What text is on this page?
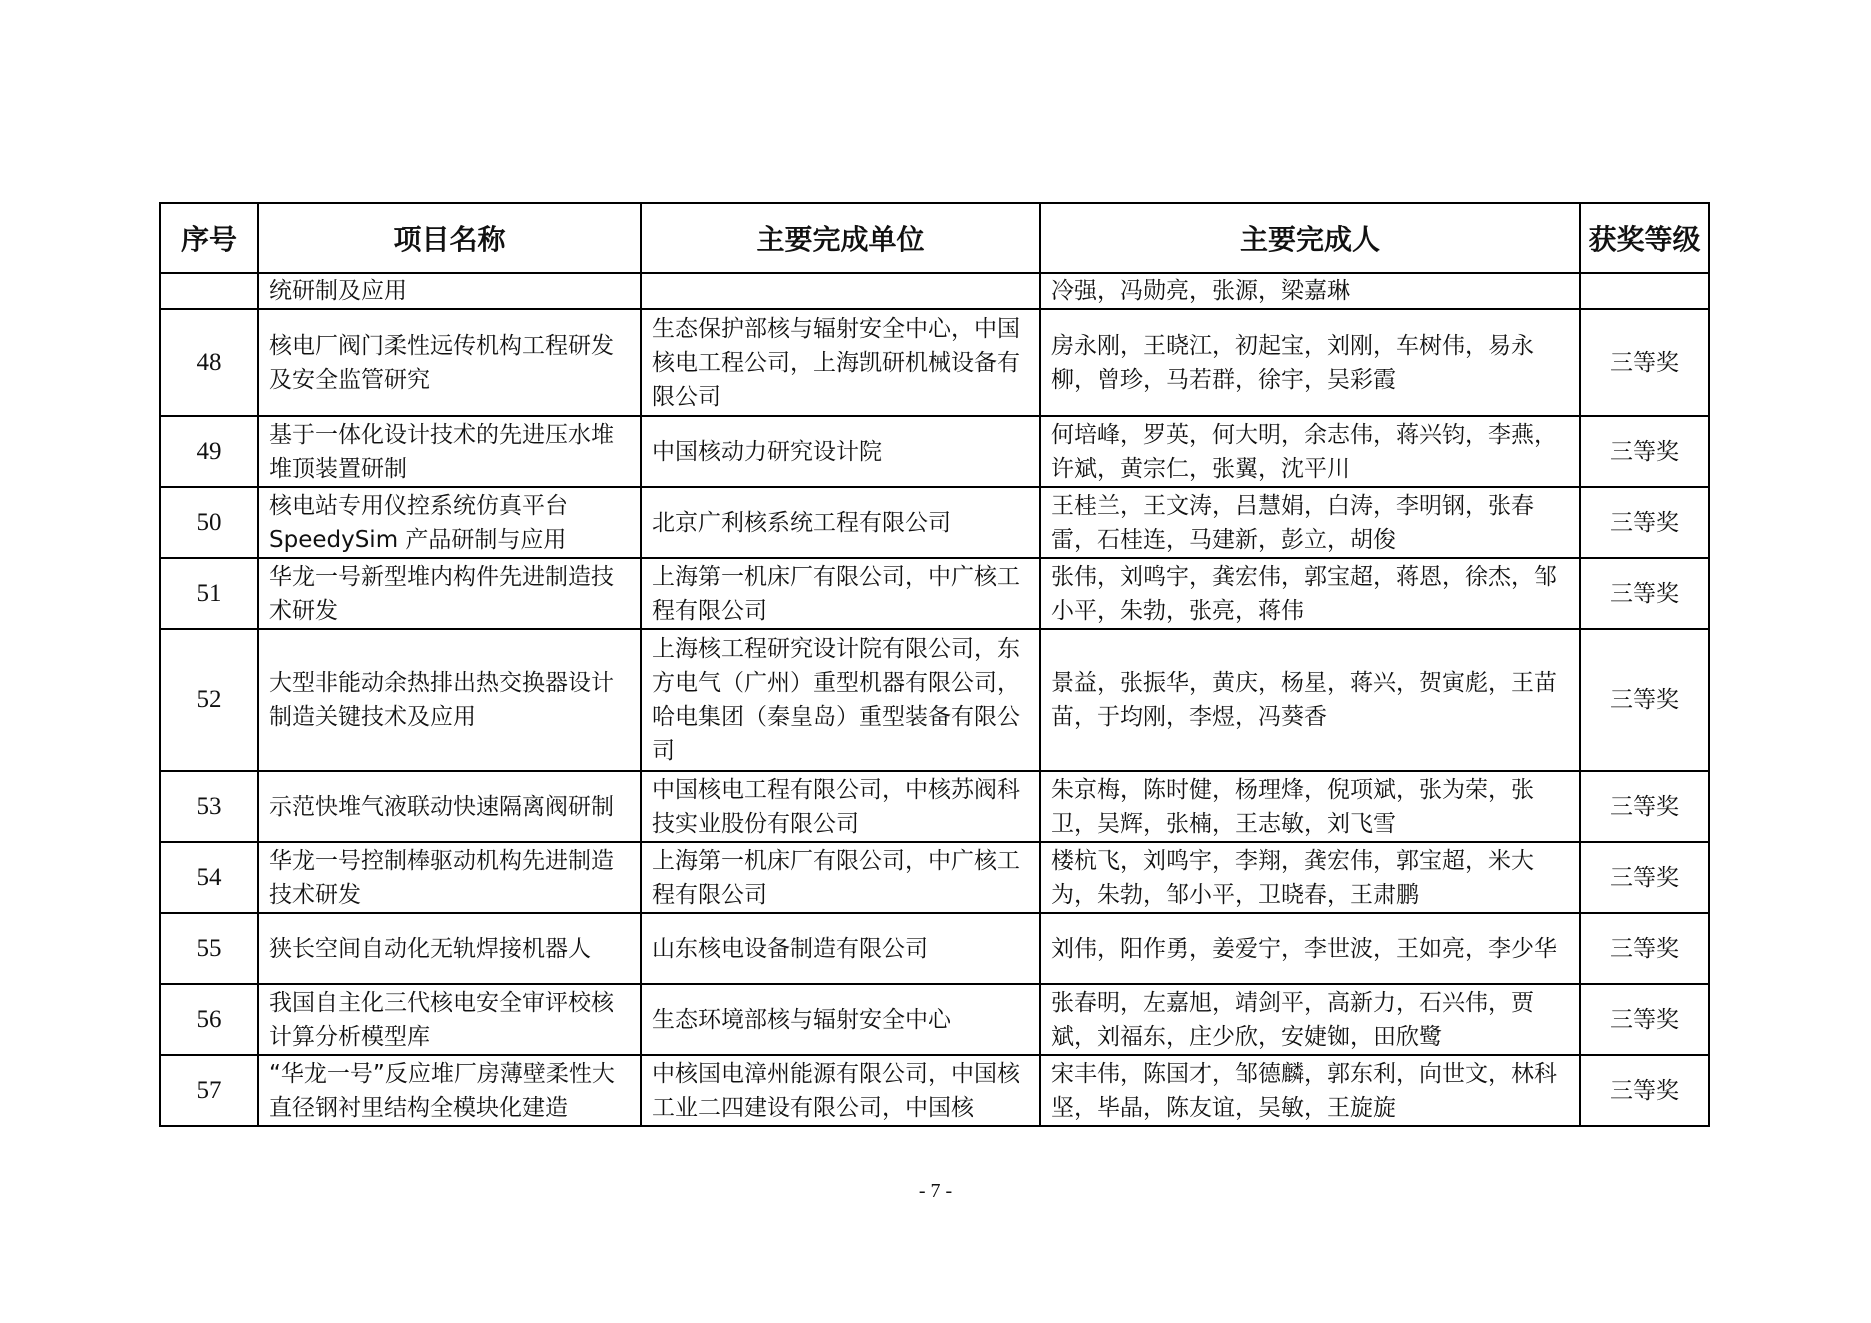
序号	项目名称	主要完成单位	主要完成人	获奖等级
	统研制及应用		冷强，冯勋亮，张源，梁嘉琳	
48	核电厂阀门柔性远传机构工程研发及安全监管研究	生态保护部核与辐射安全中心，中国核电工程公司，上海凯研机械设备有限公司	房永刚，王晓江，初起宝，刘刚，车树伟，易永柳，曾珍，马若群，徐宇，吴彩霞	三等奖
49	基于一体化设计技术的先进压水堆堆顶装置研制	中国核动力研究设计院	何培峰，罗英，何大明，余志伟，蒋兴钧，李燕，许斌，黄宗仁，张翼，沈平川	三等奖
50	核电站专用仪控系统仿真平台SpeedySim 产品研制与应用	北京广利核系统工程有限公司	王桂兰，王文涛，吕慧娟，白涛，李明钢，张春雷，石桂连，马建新，彭立，胡俊	三等奖
51	华龙一号新型堆内构件先进制造技术研发	上海第一机床厂有限公司，中广核工程有限公司	张伟，刘鸣宇，龚宏伟，郭宝超，蒋恩，徐杰，邹小平，朱勃，张亮，蒋伟	三等奖
52	大型非能动余热排出热交换器设计制造关键技术及应用	上海核工程研究设计院有限公司，东方电气（广州）重型机器有限公司，哈电集团（秦皇岛）重型装备有限公司	景益，张振华，黄庆，杨星，蒋兴，贺寅彪，王苗苗，于均刚，李煜，冯葵香	三等奖
53	示范快堆气液联动快速隔离阀研制	中国核电工程有限公司，中核苏阀科技实业股份有限公司	朱京梅，陈时健，杨理烽，倪项斌，张为荣，张卫，吴辉，张楠，王志敏，刘飞雪	三等奖
54	华龙一号控制棒驱动机构先进制造技术研发	上海第一机床厂有限公司，中广核工程有限公司	楼杭飞，刘鸣宇，李翔，龚宏伟，郭宝超，米大为，朱勃，邹小平，卫晓春，王肃鹏	三等奖
55	狭长空间自动化无轨焊接机器人	山东核电设备制造有限公司	刘伟，阳作勇，姜爱宁，李世波，王如亮，李少华	三等奖
56	我国自主化三代核电安全审评校核计算分析模型库	生态环境部核与辐射安全中心	张春明，左嘉旭，靖剑平，高新力，石兴伟，贾斌，刘福东，庄少欣，安婕铷，田欣鹭	三等奖
57	“华龙一号”反应堆厂房薄壁柔性大直径钢衬里结构全模块化建造	中核国电漳州能源有限公司，中国核工业二四建设有限公司，中国核	宋丰伟，陈国才，邹德麟，郭东利，向世文，林科坚，毕晶，陈友谊，吴敏，王旋旋	三等奖
- 7 -
